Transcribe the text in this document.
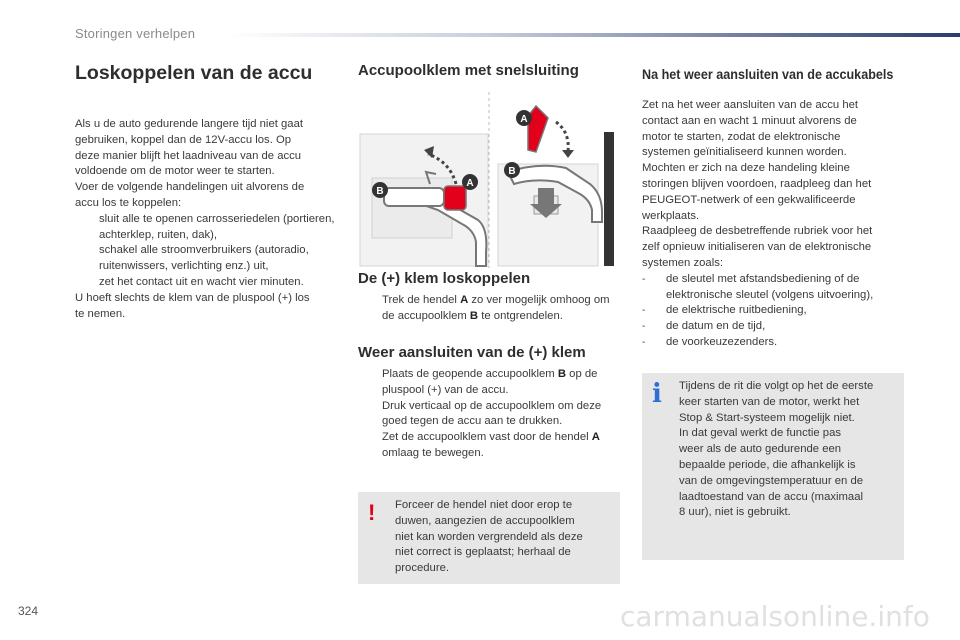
Storingen verhelpen
Loskoppelen van de accu
Als u de auto gedurende langere tijd niet gaat
gebruiken, koppel dan de 12V-accu los. Op
deze manier blijft het laadniveau van de accu
voldoende om de motor weer te starten.
Voer de volgende handelingen uit alvorens de
accu los te koppelen:
sluit alle te openen carrosseriedelen (portieren, achterklep, ruiten, dak),
schakel alle stroomverbruikers (autoradio, ruitenwissers, verlichting enz.) uit,
zet het contact uit en wacht vier minuten.
U hoeft slechts de klem van de pluspool (+) los
te nemen.
Accupoolklem met snelsluiting
B
A
A
B
De (+) klem loskoppelen
Trek de hendel A zo ver mogelijk omhoog om de accupoolklem B te ontgrendelen.
Weer aansluiten van de (+) klem
Plaats de geopende accupoolklem B op de pluspool (+) van de accu.
Druk verticaal op de accupoolklem om deze goed tegen de accu aan te drukken.
Zet de accupoolklem vast door de hendel A omlaag te bewegen.
!	Forceer de hendel niet door erop te
duwen, aangezien de accupoolklem
niet kan worden vergrendeld als deze
niet correct is geplaatst; herhaal de
procedure.
Na het weer aansluiten van de accukabels
Zet na het weer aansluiten van de accu het
contact aan en wacht 1 minuut alvorens de
motor te starten, zodat de elektronische
systemen geïnitialiseerd kunnen worden.
Mochten er zich na deze handeling kleine
storingen blijven voordoen, raadpleeg dan het
PEUGEOT-netwerk of een gekwalificeerde
werkplaats.
Raadpleeg de desbetreffende rubriek voor het
zelf opnieuw initialiseren van de elektronische
systemen zoals:
-	de sleutel met afstandsbediening of de elektronische sleutel (volgens uitvoering),
-	de elektrische ruitbediening,
-	de datum en de tijd,
-	de voorkeuzezenders.
i	Tijdens de rit die volgt op het de eerste
keer starten van de motor, werkt het
Stop & Start-systeem mogelijk niet.
In dat geval werkt de functie pas
weer als de auto gedurende een
bepaalde periode, die afhankelijk is
van de omgevingstemperatuur en de
laadtoestand van de accu (maximaal
8 uur), niet is gebruikt.
324	carmanualsonline.info
